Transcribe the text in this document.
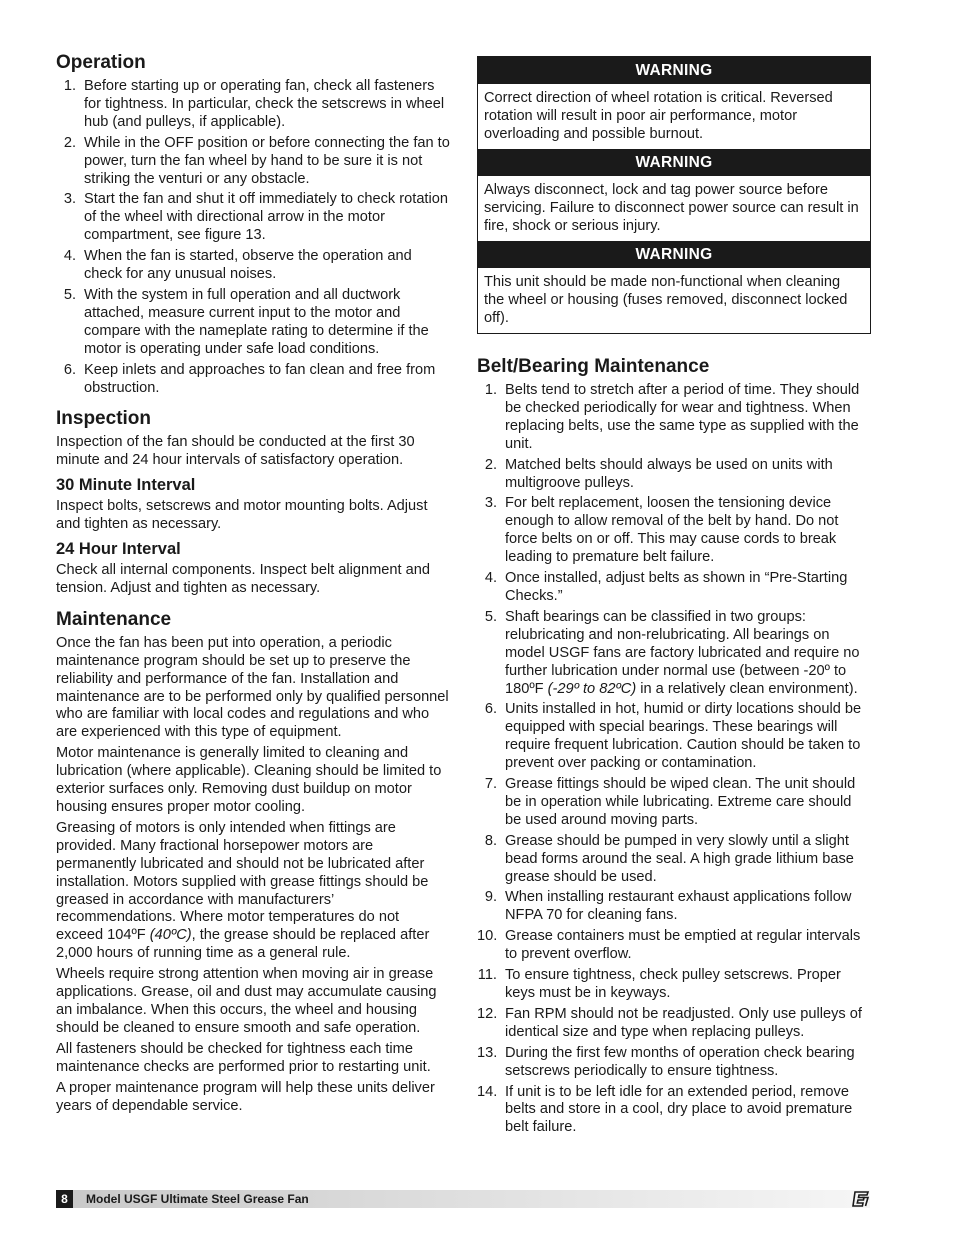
Operation
1. Before starting up or operating fan, check all fasteners for tightness. In particular, check the setscrews in wheel hub (and pulleys, if applicable).
2. While in the OFF position or before connecting the fan to power, turn the fan wheel by hand to be sure it is not striking the venturi or any obstacle.
3. Start the fan and shut it off immediately to check rotation of the wheel with directional arrow in the motor compartment, see figure 13.
4. When the fan is started, observe the operation and check for any unusual noises.
5. With the system in full operation and all ductwork attached, measure current input to the motor and compare with the nameplate rating to determine if the motor is operating under safe load conditions.
6. Keep inlets and approaches to fan clean and free from obstruction.
Inspection

Inspection of the fan should be conducted at the first 30 minute and 24 hour intervals of satisfactory operation.

30 Minute Interval

Inspect bolts, setscrews and motor mounting bolts. Adjust and tighten as necessary.

24 Hour Interval

Check all internal components. Inspect belt alignment and tension. Adjust and tighten as necessary.

Maintenance

Once the fan has been put into operation, a periodic maintenance program should be set up to preserve the reliability and performance of the fan. Installation and maintenance are to be performed only by qualified personnel who are familiar with local codes and regulations and who are experienced with this type of equipment.

Motor maintenance is generally limited to cleaning and lubrication (where applicable). Cleaning should be limited to exterior surfaces only. Removing dust buildup on motor housing ensures proper motor cooling.

Greasing of motors is only intended when fittings are provided. Many fractional horsepower motors are permanently lubricated and should not be lubricated after installation. Motors supplied with grease fittings should be greased in accordance with manufacturers’ recommendations. Where motor temperatures do not exceed 104ºF (40ºC), the grease should be replaced after 2,000 hours of running time as a general rule.

Wheels require strong attention when moving air in grease applications. Grease, oil and dust may accumulate causing an imbalance. When this occurs, the wheel and housing should be cleaned to ensure smooth and safe operation.

All fasteners should be checked for tightness each time maintenance checks are performed prior to restarting unit.

A proper maintenance program will help these units deliver years of dependable service.

WARNING
Correct direction of wheel rotation is critical. Reversed rotation will result in poor air performance, motor overloading and possible burnout.
WARNING
Always disconnect, lock and tag power source before servicing. Failure to disconnect power source can result in fire, shock or serious injury.
WARNING
This unit should be made non-functional when cleaning the wheel or housing (fuses removed, disconnect locked off).
Belt/Bearing Maintenance
1. Belts tend to stretch after a period of time. They should be checked periodically for wear and tightness. When replacing belts, use the same type as supplied with the unit.
2. Matched belts should always be used on units with multigroove pulleys.
3. For belt replacement, loosen the tensioning device enough to allow removal of the belt by hand. Do not force belts on or off. This may cause cords to break leading to premature belt failure.
4. Once installed, adjust belts as shown in “Pre-Starting Checks.”
5. Shaft bearings can be classified in two groups: relubricating and non-relubricating. All bearings on model USGF fans are factory lubricated and require no further lubrication under normal use (between -20º to 180ºF (-29º to 82ºC) in a relatively clean environment).
6. Units installed in hot, humid or dirty locations should be equipped with special bearings. These bearings will require frequent lubrication. Caution should be taken to prevent over packing or contamination.
7. Grease fittings should be wiped clean. The unit should be in operation while lubricating. Extreme care should be used around moving parts.
8. Grease should be pumped in very slowly until a slight bead forms around the seal. A high grade lithium base grease should be used.
9. When installing restaurant exhaust applications follow NFPA 70 for cleaning fans.
10. Grease containers must be emptied at regular intervals to prevent overflow.
11. To ensure tightness, check pulley setscrews. Proper keys must be in keyways.
12. Fan RPM should not be readjusted. Only use pulleys of identical size and type when replacing pulleys.
13. During the first few months of operation check bearing setscrews periodically to ensure tightness.
14. If unit is to be left idle for an extended period, remove belts and store in a cool, dry place to avoid premature belt failure.
8	Model USGF Ultimate Steel Grease Fan
